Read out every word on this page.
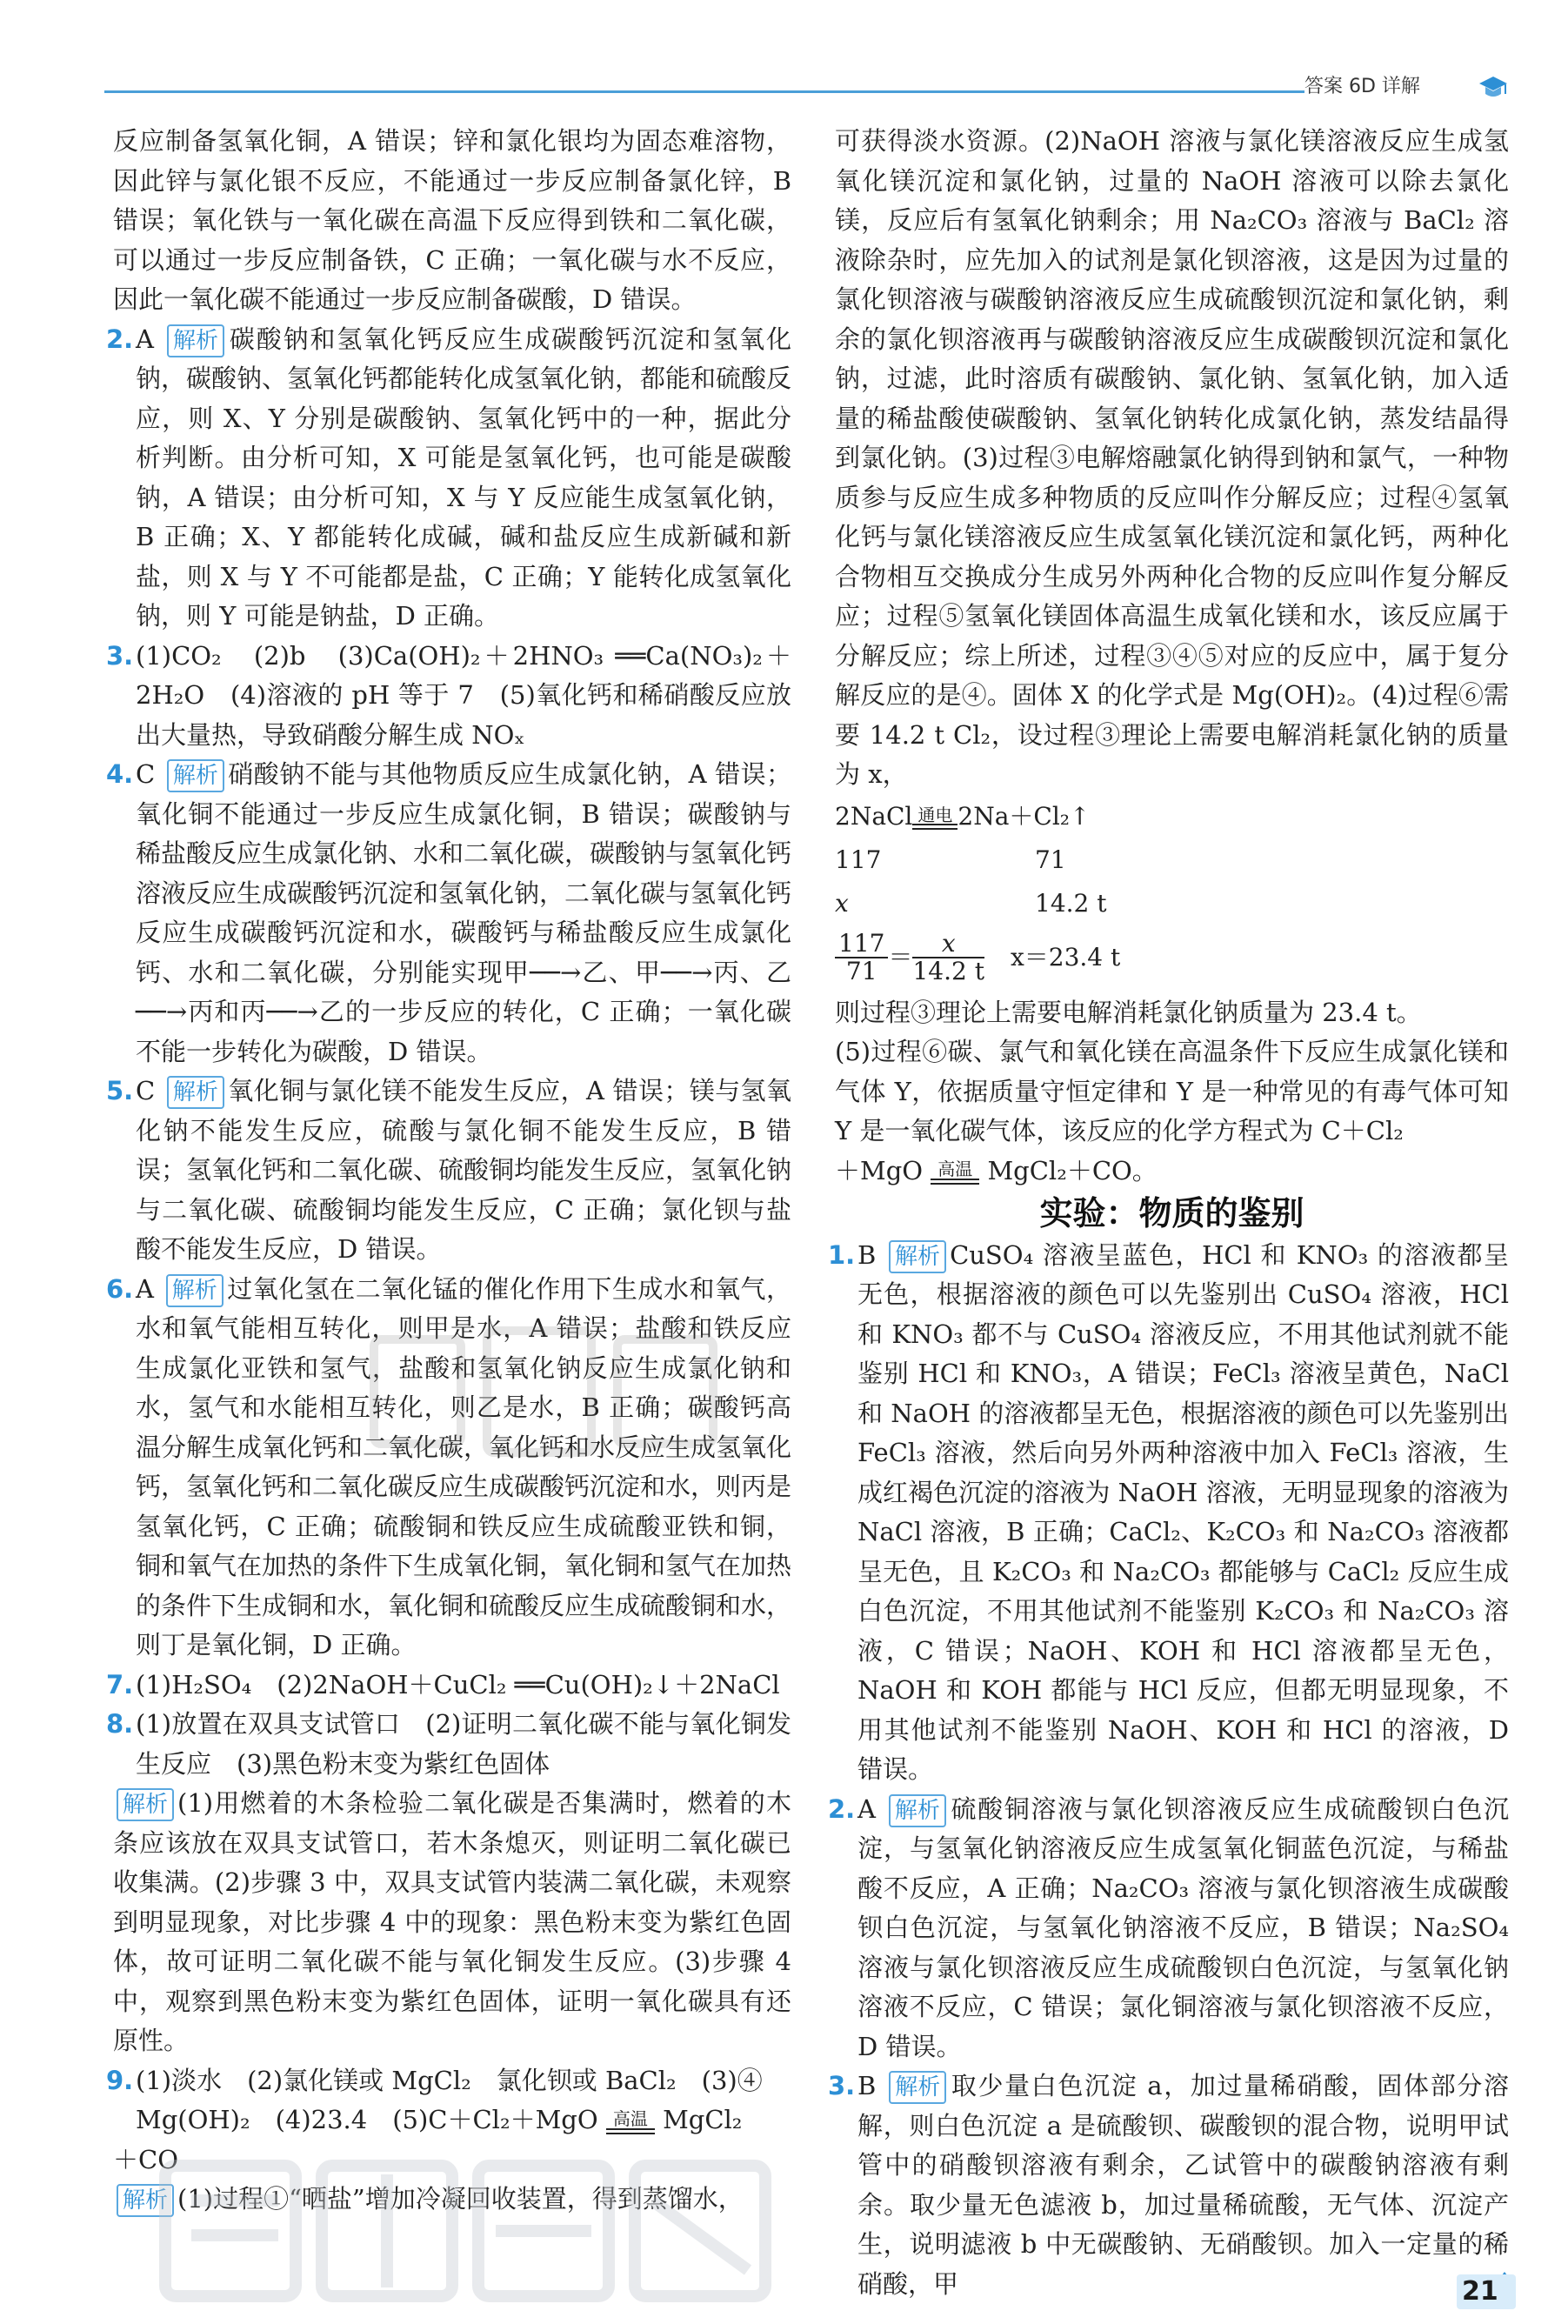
答案 6D 详解

反应制备氢氧化铜，A 错误；锌和氯化银均为固态难溶物，因此锌与氯化银不反应，不能通过一步反应制备氯化锌，B 错误；氧化铁与一氧化碳在高温下反应得到铁和二氧化碳，可以通过一步反应制备铁，C 正确；一氧化碳与水不反应，因此一氧化碳不能通过一步反应制备碳酸，D 错误。

2. A 解析 碳酸钠和氢氧化钙反应生成碳酸钙沉淀和氢氧化钠，碳酸钠、氢氧化钙都能转化成氢氧化钠，都能和硫酸反应，则 X、Y 分别是碳酸钠、氢氧化钙中的一种，据此分析判断。由分析可知，X 可能是氢氧化钙，也可能是碳酸钠，A 错误；由分析可知，X 与 Y 反应能生成氢氧化钠，B 正确；X、Y 都能转化成碱，碱和盐反应生成新碱和新盐，则 X 与 Y 不可能都是盐，C 正确；Y 能转化成氢氧化钠，则 Y 可能是钠盐，D 正确。

3. (1)CO₂　(2)b　(3)Ca(OH)₂＋2HNO₃ ══Ca(NO₃)₂＋2H₂O　(4)溶液的 pH 等于 7　(5)氧化钙和稀硝酸反应放出大量热，导致硝酸分解生成 NOₓ

4. C 解析 硝酸钠不能与其他物质反应生成氯化钠，A 错误；氧化铜不能通过一步反应生成氯化铜，B 错误；碳酸钠与稀盐酸反应生成氯化钠、水和二氧化碳，碳酸钠与氢氧化钙溶液反应生成碳酸钙沉淀和氢氧化钠，二氧化碳与氢氧化钙反应生成碳酸钙沉淀和水，碳酸钙与稀盐酸反应生成氯化钙、水和二氧化碳，分别能实现甲──→乙、甲──→丙、乙──→丙和丙──→乙的一步反应的转化，C 正确；一氧化碳不能一步转化为碳酸，D 错误。

5. C 解析 氧化铜与氯化镁不能发生反应，A 错误；镁与氢氧化钠不能发生反应，硫酸与氯化铜不能发生反应，B 错误；氢氧化钙和二氧化碳、硫酸铜均能发生反应，氢氧化钠与二氧化碳、硫酸铜均能发生反应，C 正确；氯化钡与盐酸不能发生反应，D 错误。

6. A 解析 过氧化氢在二氧化锰的催化作用下生成水和氧气，水和氧气能相互转化，则甲是水，A 错误；盐酸和铁反应生成氯化亚铁和氢气，盐酸和氢氧化钠反应生成氯化钠和水，氢气和水能相互转化，则乙是水，B 正确；碳酸钙高温分解生成氧化钙和二氧化碳，氧化钙和水反应生成氢氧化钙，氢氧化钙和二氧化碳反应生成碳酸钙沉淀和水，则丙是氢氧化钙，C 正确；硫酸铜和铁反应生成硫酸亚铁和铜，铜和氧气在加热的条件下生成氧化铜，氧化铜和氢气在加热的条件下生成铜和水，氧化铜和硫酸反应生成硫酸铜和水，则丁是氧化铜，D 正确。

7. (1)H₂SO₄　(2)2NaOH＋CuCl₂ ══Cu(OH)₂↓＋2NaCl

8. (1)放置在双具支试管口　(2)证明二氧化碳不能与氧化铜发生反应　(3)黑色粉末变为紫红色固体

解析 (1)用燃着的木条检验二氧化碳是否集满时，燃着的木条应该放在双具支试管口，若木条熄灭，则证明二氧化碳已收集满。(2)步骤 3 中，双具支试管内装满二氧化碳，未观察到明显现象，对比步骤 4 中的现象：黑色粉末变为紫红色固体，故可证明二氧化碳不能与氧化铜发生反应。(3)步骤 4 中，观察到黑色粉末变为紫红色固体，证明一氧化碳具有还原性。

9. (1)淡水　(2)氯化镁或 MgCl₂　氯化钡或 BaCl₂　(3)④

Mg(OH)₂　(4)23.4　(5)C＋Cl₂＋MgO 高温 MgCl₂

＋CO

解析 (1)过程①“晒盐”增加冷凝回收装置，得到蒸馏水，

可获得淡水资源。(2)NaOH 溶液与氯化镁溶液反应生成氢氧化镁沉淀和氯化钠，过量的 NaOH 溶液可以除去氯化镁，反应后有氢氧化钠剩余；用 Na₂CO₃ 溶液与 BaCl₂ 溶液除杂时，应先加入的试剂是氯化钡溶液，这是因为过量的氯化钡溶液与碳酸钠溶液反应生成硫酸钡沉淀和氯化钠，剩余的氯化钡溶液再与碳酸钠溶液反应生成碳酸钡沉淀和氯化钠，过滤，此时溶质有碳酸钠、氯化钠、氢氧化钠，加入适量的稀盐酸使碳酸钠、氢氧化钠转化成氯化钠，蒸发结晶得到氯化钠。(3)过程③电解熔融氯化钠得到钠和氯气，一种物质参与反应生成多种物质的反应叫作分解反应；过程④氢氧化钙与氯化镁溶液反应生成氢氧化镁沉淀和氯化钙，两种化合物相互交换成分生成另外两种化合物的反应叫作复分解反应；过程⑤氢氧化镁固体高温生成氧化镁和水，该反应属于分解反应；综上所述，过程③④⑤对应的反应中，属于复分解反应的是④。固体 X 的化学式是 Mg(OH)₂。(4)过程⑥需要 14.2 t Cl₂，设过程③理论上需要电解消耗氯化钠的质量为 x，

2NaCl 通电 2Na＋Cl₂↑
117	71
x	14.2 t
$\frac{117}{71} = \frac{x}{14.2 t} x=23.4$ t

则过程③理论上需要电解消耗氯化钠质量为 23.4 t。

(5)过程⑥碳、氯气和氧化镁在高温条件下反应生成氯化镁和气体 Y，依据质量守恒定律和 Y 是一种常见的有毒气体可知 Y 是一氧化碳气体，该反应的化学方程式为 C＋Cl₂

＋MgO 高温 MgCl₂＋CO。

实验：物质的鉴别

1. B 解析 CuSO₄ 溶液呈蓝色，HCl 和 KNO₃ 的溶液都呈无色，根据溶液的颜色可以先鉴别出 CuSO₄ 溶液，HCl 和 KNO₃ 都不与 CuSO₄ 溶液反应，不用其他试剂就不能鉴别 HCl 和 KNO₃，A 错误；FeCl₃ 溶液呈黄色，NaCl 和 NaOH 的溶液都呈无色，根据溶液的颜色可以先鉴别出 FeCl₃ 溶液，然后向另外两种溶液中加入 FeCl₃ 溶液，生成红褐色沉淀的溶液为 NaOH 溶液，无明显现象的溶液为 NaCl 溶液，B 正确；CaCl₂、K₂CO₃ 和 Na₂CO₃ 溶液都呈无色，且 K₂CO₃ 和 Na₂CO₃ 都能够与 CaCl₂ 反应生成白色沉淀，不用其他试剂不能鉴别 K₂CO₃ 和 Na₂CO₃ 溶液，C 错误；NaOH、KOH 和 HCl 溶液都呈无色，NaOH 和 KOH 都能与 HCl 反应，但都无明显现象，不用其他试剂不能鉴别 NaOH、KOH 和 HCl 的溶液，D 错误。

2. A 解析 硫酸铜溶液与氯化钡溶液反应生成硫酸钡白色沉淀，与氢氧化钠溶液反应生成氢氧化铜蓝色沉淀，与稀盐酸不反应，A 正确；Na₂CO₃ 溶液与氯化钡溶液生成碳酸钡白色沉淀，与氢氧化钠溶液不反应，B 错误；Na₂SO₄ 溶液与氯化钡溶液反应生成硫酸钡白色沉淀，与氢氧化钠溶液不反应，C 错误；氯化铜溶液与氯化钡溶液不反应，D 错误。

3. B 解析 取少量白色沉淀 a，加过量稀硝酸，固体部分溶解，则白色沉淀 a 是硫酸钡、碳酸钡的混合物，说明甲试管中的硝酸钡溶液有剩余，乙试管中的碳酸钠溶液有剩余。取少量无色滤液 b，加过量稀硫酸，无气体、沉淀产生，说明滤液 b 中无碳酸钠、无硝酸钡。加入一定量的稀硝酸，甲	21
